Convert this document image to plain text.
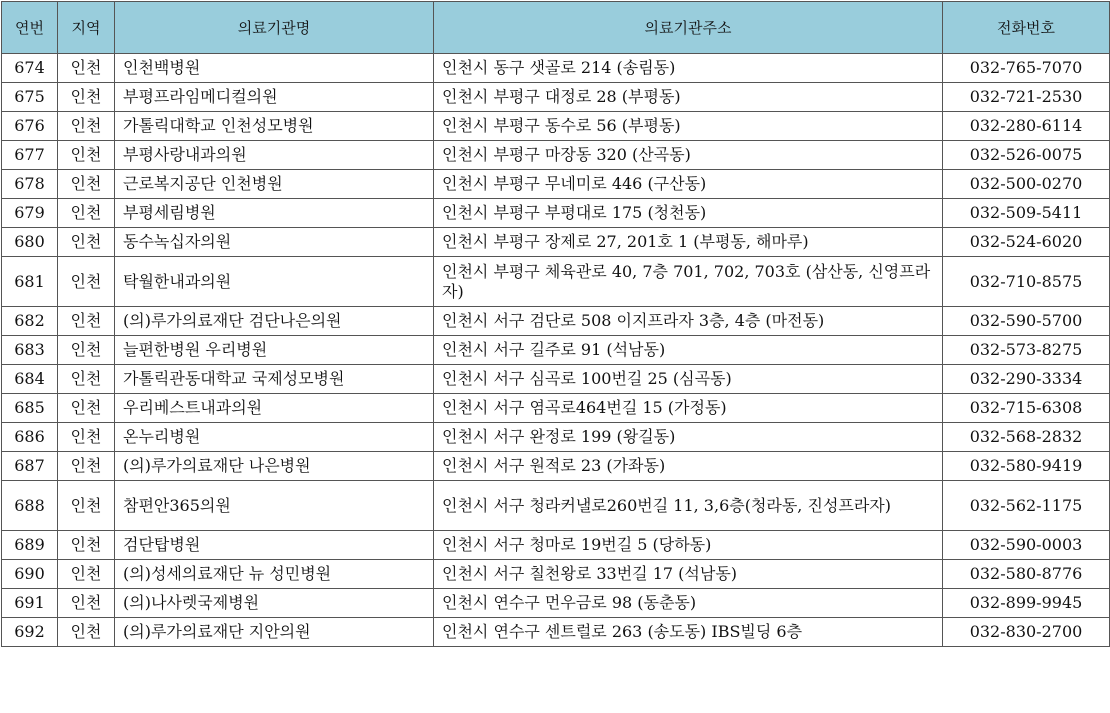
연번	지역	의료기관명	의료기관주소	전화번호
674	인천	인천백병원	인천시 동구 샛골로 214 (송림동)	032-765-7070
675	인천	부평프라임메디컬의원	인천시 부평구 대정로 28 (부평동)	032-721-2530
676	인천	가톨릭대학교 인천성모병원	인천시 부평구 동수로 56 (부평동)	032-280-6114
677	인천	부평사랑내과의원	인천시 부평구 마장동 320 (산곡동)	032-526-0075
678	인천	근로복지공단 인천병원	인천시 부평구 무네미로 446 (구산동)	032-500-0270
679	인천	부평세림병원	인천시 부평구 부평대로 175 (청천동)	032-509-5411
680	인천	동수녹십자의원	인천시 부평구 장제로 27, 201호 1 (부평동, 해마루)	032-524-6020
681	인천	탁월한내과의원	인천시 부평구 체육관로 40, 7층 701, 702, 703호 (삼산동, 신영프라자)	032-710-8575
682	인천	(의)루가의료재단 검단나은의원	인천시 서구 검단로 508 이지프라자 3층, 4층 (마전동)	032-590-5700
683	인천	늘편한병원 우리병원	인천시 서구 길주로 91 (석남동)	032-573-8275
684	인천	가톨릭관동대학교 국제성모병원	인천시 서구 심곡로 100번길 25 (심곡동)	032-290-3334
685	인천	우리베스트내과의원	인천시 서구 염곡로464번길 15 (가정동)	032-715-6308
686	인천	온누리병원	인천시 서구 완정로 199 (왕길동)	032-568-2832
687	인천	(의)루가의료재단 나은병원	인천시 서구 원적로 23 (가좌동)	032-580-9419
688	인천	참편안365의원	인천시 서구 청라커낼로260번길 11, 3,6층(청라동, 진성프라자)	032-562-1175
689	인천	검단탑병원	인천시 서구 청마로 19번길 5 (당하동)	032-590-0003
690	인천	(의)성세의료재단 뉴 성민병원	인천시 서구 칠천왕로 33번길 17 (석남동)	032-580-8776
691	인천	(의)나사렛국제병원	인천시 연수구 먼우금로 98 (동춘동)	032-899-9945
692	인천	(의)루가의료재단 지안의원	인천시 연수구 센트럴로 263 (송도동) IBS빌딩 6층	032-830-2700
